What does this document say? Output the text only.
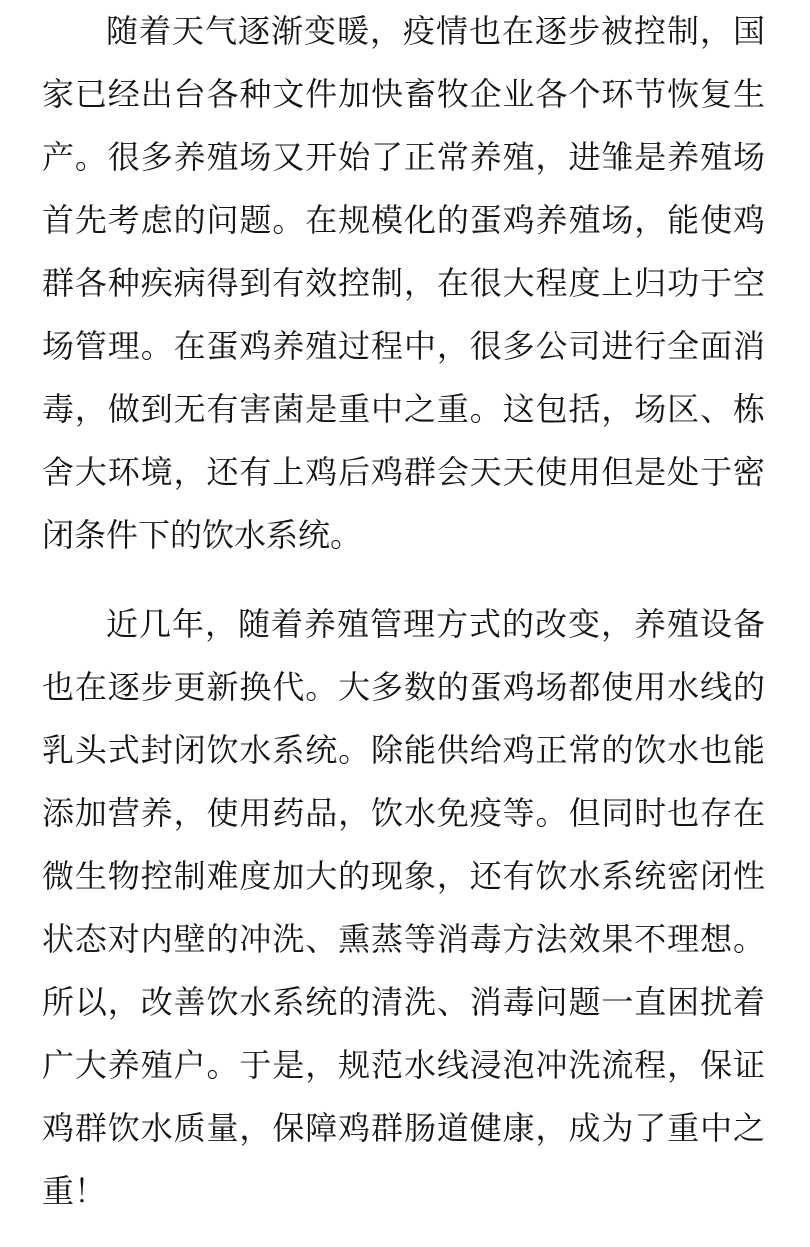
随着天气逐渐变暖，疫情也在逐步被控制，国家已经出台各种文件加快畜牧企业各个环节恢复生产。很多养殖场又开始了正常养殖，进雏是养殖场首先考虑的问题。在规模化的蛋鸡养殖场，能使鸡群各种疾病得到有效控制，在很大程度上归功于空场管理。在蛋鸡养殖过程中，很多公司进行全面消毒，做到无有害菌是重中之重。这包括，场区、栋舍大环境，还有上鸡后鸡群会天天使用但是处于密闭条件下的饮水系统。

近几年，随着养殖管理方式的改变，养殖设备也在逐步更新换代。大多数的蛋鸡场都使用水线的乳头式封闭饮水系统。除能供给鸡正常的饮水也能添加营养，使用药品，饮水免疫等。但同时也存在微生物控制难度加大的现象，还有饮水系统密闭性状态对内壁的冲洗、熏蒸等消毒方法效果不理想。所以，改善饮水系统的清洗、消毒问题一直困扰着广大养殖户。于是，规范水线浸泡冲洗流程，保证鸡群饮水质量，保障鸡群肠道健康，成为了重中之重！
